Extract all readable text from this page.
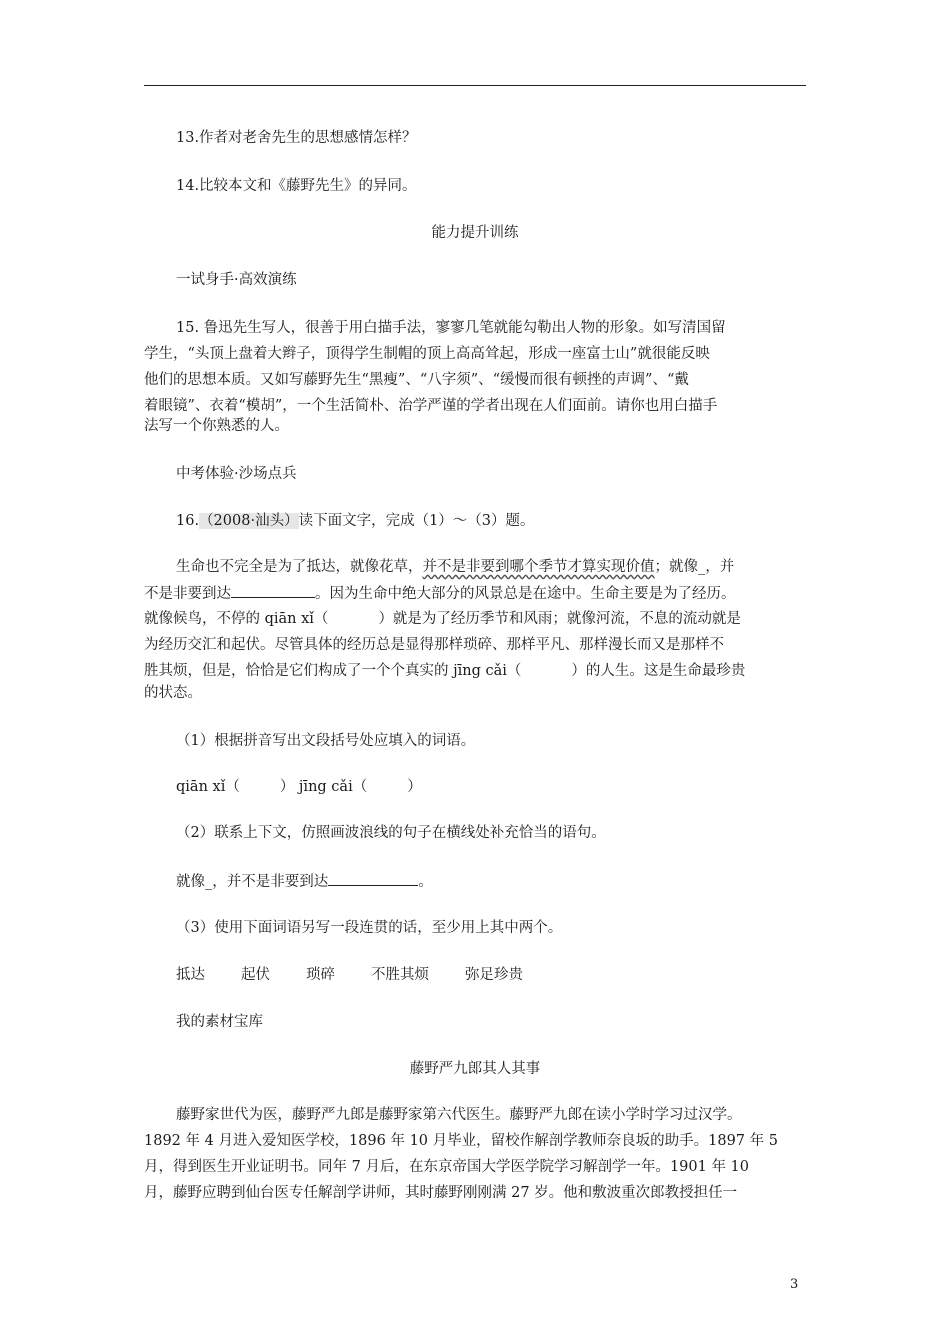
13.作者对老舍先生的思想感情怎样？
14.比较本文和《藤野先生》的异同。
能力提升训练
一试身手·高效演练
15. 鲁迅先生写人，很善于用白描手法，寥寥几笔就能勾勒出人物的形象。如写清国留
学生，“头顶上盘着大辫子，顶得学生制帽的顶上高高耸起，形成一座富士山”就很能反映
他们的思想本质。又如写藤野先生“黑瘦”、“八字须”、“缓慢而很有顿挫的声调”、“戴
着眼镜”、衣着“模胡”，一个生活简朴、治学严谨的学者出现在人们面前。请你也用白描手
法写一个你熟悉的人。
中考体验·沙场点兵
16.（2008·汕头）读下面文字，完成（1）～（3）题。
生命也不完全是为了抵达，就像花草，并不是非要到哪个季节才算实现价值；就像_，并
不是非要到达	。因为生命中绝大部分的风景总是在途中。生命主要是为了经历。
就像候鸟，不停的 qiān xǐ（	）就是为了经历季节和风雨；就像河流，不息的流动就是
为经历交汇和起伏。尽管具体的经历总是显得那样琐碎、那样平凡、那样漫长而又是那样不
胜其烦，但是，恰恰是它们构成了一个个真实的 jīng cǎi（	）的人生。这是生命最珍贵
的状态。
（1）根据拼音写出文段括号处应填入的词语。
qiān xǐ（	） jīng cǎi（	）
（2）联系上下文，仿照画波浪线的句子在横线处补充恰当的语句。
就像_，并不是非要到达	。
（3）使用下面词语另写一段连贯的话，至少用上其中两个。
抵达 起伏 琐碎 不胜其烦 弥足珍贵
我的素材宝库
藤野严九郎其人其事
藤野家世代为医，藤野严九郎是藤野家第六代医生。藤野严九郎在读小学时学习过汉学。
1892 年 4 月进入爱知医学校，1896 年 10 月毕业，留校作解剖学教师奈良坂的助手。1897 年 5
月，得到医生开业证明书。同年 7 月后，在东京帝国大学医学院学习解剖学一年。1901 年 10
月，藤野应聘到仙台医专任解剖学讲师，其时藤野刚刚满 27 岁。他和敷波重次郎教授担任一
3
